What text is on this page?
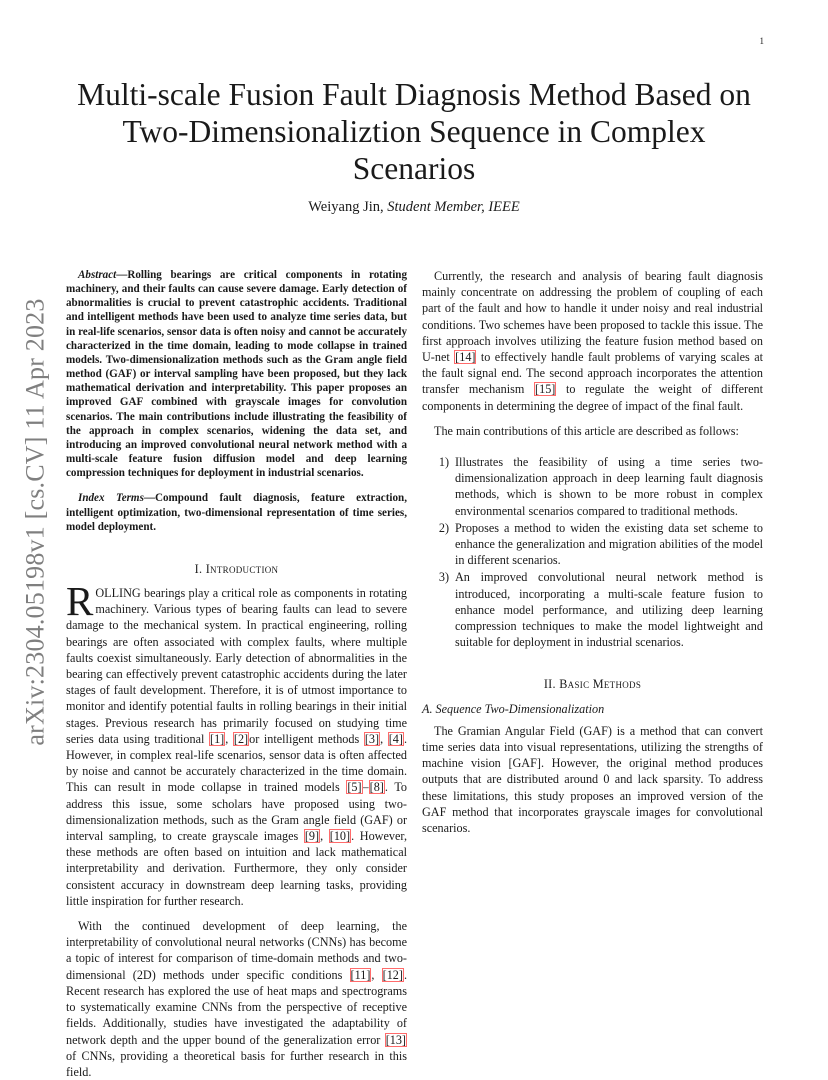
1
arXiv:2304.05198v1 [cs.CV] 11 Apr 2023
Multi-scale Fusion Fault Diagnosis Method Based on Two-Dimensionaliztion Sequence in Complex Scenarios
Weiyang Jin, Student Member, IEEE

Abstract—Rolling bearings are critical components in rotating machinery, and their faults can cause severe damage. Early detection of abnormalities is crucial to prevent catastrophic accidents. Traditional and intelligent methods have been used to analyze time series data, but in real-life scenarios, sensor data is often noisy and cannot be accurately characterized in the time domain, leading to mode collapse in trained models. Two-dimensionalization methods such as the Gram angle field method (GAF) or interval sampling have been proposed, but they lack mathematical derivation and interpretability. This paper proposes an improved GAF combined with grayscale images for convolution scenarios. The main contributions include illustrating the feasibility of the approach in complex scenarios, widening the data set, and introducing an improved convolutional neural network method with a multi-scale feature fusion diffusion model and deep learning compression techniques for deployment in industrial scenarios.

Index Terms—Compound fault diagnosis, feature extraction, intelligent optimization, two-dimensional representation of time series, model deployment.

I. Introduction

ROLLING bearings play a critical role as components in rotating machinery. Various types of bearing faults can lead to severe damage to the mechanical system. In practical engineering, rolling bearings are often associated with complex faults, where multiple faults coexist simultaneously. Early detection of abnormalities in the bearing can effectively prevent catastrophic accidents during the later stages of fault development. Therefore, it is of utmost importance to monitor and identify potential faults in rolling bearings in their initial stages. Previous research has primarily focused on studying time series data using traditional [1], [2]or intelligent methods [3], [4]. However, in complex real-life scenarios, sensor data is often affected by noise and cannot be accurately characterized in the time domain. This can result in mode collapse in trained models [5]–[8]. To address this issue, some scholars have proposed using two-dimensionalization methods, such as the Gram angle field (GAF) or interval sampling, to create grayscale images [9], [10]. However, these methods are often based on intuition and lack mathematical interpretability and derivation. Furthermore, they only consider consistent accuracy in downstream deep learning tasks, providing little inspiration for further research.

With the continued development of deep learning, the interpretability of convolutional neural networks (CNNs) has become a topic of interest for comparison of time-domain methods and two-dimensional (2D) methods under specific conditions [11], [12]. Recent research has explored the use of heat maps and spectrograms to systematically examine CNNs from the perspective of receptive fields. Additionally, studies have investigated the adaptability of network depth and the upper bound of the generalization error [13] of CNNs, providing a theoretical basis for further research in this field.

Currently, the research and analysis of bearing fault diagnosis mainly concentrate on addressing the problem of coupling of each part of the fault and how to handle it under noisy and real industrial conditions. Two schemes have been proposed to tackle this issue. The first approach involves utilizing the feature fusion method based on U-net [14] to effectively handle fault problems of varying scales at the fault signal end. The second approach incorporates the attention transfer mechanism [15] to regulate the weight of different components in determining the degree of impact of the final fault.

The main contributions of this article are described as follows:

1) Illustrates the feasibility of using a time series two-dimensionalization approach in deep learning fault diagnosis methods, which is shown to be more robust in complex environmental scenarios compared to traditional methods.
2) Proposes a method to widen the existing data set scheme to enhance the generalization and migration abilities of the model in different scenarios.
3) An improved convolutional neural network method is introduced, incorporating a multi-scale feature fusion to enhance model performance, and utilizing deep learning compression techniques to make the model lightweight and suitable for deployment in industrial scenarios.

II. Basic Methods

A. Sequence Two-Dimensionalization

The Gramian Angular Field (GAF) is a method that can convert time series data into visual representations, utilizing the strengths of machine vision [GAF]. However, the original method produces outputs that are distributed around 0 and lack sparsity. To address these limitations, this study proposes an improved version of the GAF method that incorporates grayscale images for convolutional scenarios.
